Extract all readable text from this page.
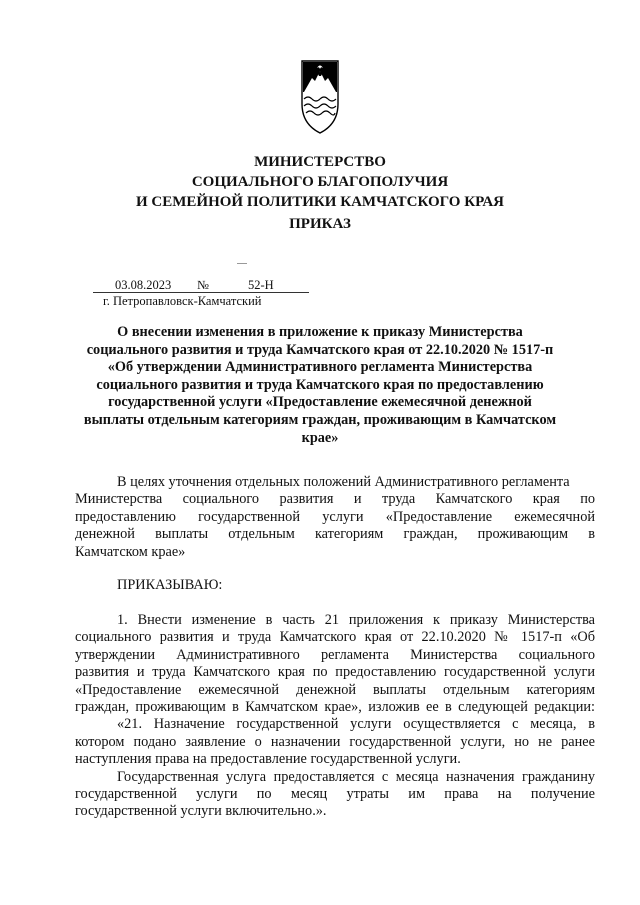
МИНИСТЕРСТВО
СОЦИАЛЬНОГО БЛАГОПОЛУЧИЯ
И СЕМЕЙНОЙ ПОЛИТИКИ КАМЧАТСКОГО КРАЯ
ПРИКАЗ
03.08.2023 №	52-Н
г. Петропавловск-Камчатский
О внесении изменения в приложение к приказу Министерства
социального развития и труда Камчатского края от 22.10.2020 № 1517-п
«Об утверждении Административного регламента Министерства
социального развития и труда Камчатского края по предоставлению
государственной услуги «Предоставление ежемесячной денежной
выплаты отдельным категориям граждан, проживающим в Камчатском
крае»
В целях уточнения отдельных положений Административного регламента
Министерства социального развития и труда Камчатского края по
предоставлению государственной услуги «Предоставление ежемесячной
денежной выплаты отдельным категориям граждан, проживающим в
Камчатском крае»
ПРИКАЗЫВАЮ:
1. Внести изменение в часть 21 приложения к приказу Министерства
социального развития и труда Камчатского края от 22.10.2020 № 1517-п «Об
утверждении Административного регламента Министерства социального
развития и труда Камчатского края по предоставлению государственной услуги
«Предоставление ежемесячной денежной выплаты отдельным категориям
граждан, проживающим в Камчатском крае», изложив ее в следующей редакции:
«21. Назначение государственной услуги осуществляется с месяца, в
котором подано заявление о назначении государственной услуги, но не ранее
наступления права на предоставление государственной услуги.
Государственная услуга предоставляется с месяца назначения гражданину
государственной услуги по месяц утраты им права на получение
государственной услуги включительно.».
